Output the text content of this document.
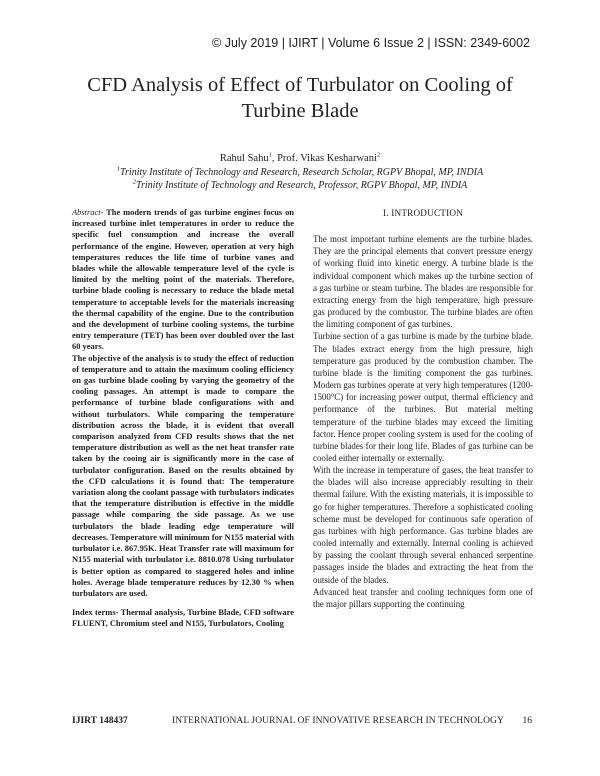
© July 2019 | IJIRT | Volume 6 Issue 2 | ISSN: 2349-6002
CFD Analysis of Effect of Turbulator on Cooling of
Turbine Blade
Rahul Sahu$^1$, Prof. Vikas Kesharwani$^2$
$^1$Trinity Institute of Technology and Research, Research Scholar, RGPV Bhopal, MP, INDIA
$^2$Trinity Institute of Technology and Research, Professor, RGPV Bhopal, MP, INDIA

Abstract- The modern trends of gas turbine engines focus on increased turbine inlet temperatures in order to reduce the specific fuel consumption and increase the overall performance of the engine. However, operation at very high temperatures reduces the life time of turbine vanes and blades while the allowable temperature level of the cycle is limited by the melting point of the materials. Therefore, turbine blade cooling is necessary to reduce the blade metal temperature to acceptable levels for the materials increasing the thermal capability of the engine. Due to the contribution and the development of turbine cooling systems, the turbine entry temperature (TET) has been over doubled over the last 60 years.

The objective of the analysis is to study the effect of reduction of temperature and to attain the maximum cooling efficiency on gas turbine blade cooling by varying the geometry of the cooling passages. An attempt is made to compare the performance of turbine blade configurations with and without turbulators. While comparing the temperature distribution across the blade, it is evident that overall comparison analyzed from CFD results shows that the net temperature distribution as well as the net heat transfer rate taken by the cooing air is significantly more in the case of turbulator configuration. Based on the results obtained by the CFD calculations it is found that: The temperature variation along the coolant passage with turbulators indicates that the temperature distribution is effective in the middle passage while comparing the side passage. As we use turbulators the blade leading edge temperature will decreases. Temperature will minimum for N155 material with turbulator i.e. 867.95K. Heat Transfer rate will maximum for N155 material with turbulator i.e. 8810.078 Using turbulator is better option as compared to staggered holes and inline holes. Average blade temperature reduces by 12.30 % when turbulators are used.

Index terms- Thermal analysis, Turbine Blade, CFD software FLUENT, Chromium steel and N155, Turbulators, Cooling

I. INTRODUCTION

The most important turbine elements are the turbine blades. They are the principal elements that convert pressure energy of working fluid into kinetic energy. A turbine blade is the individual component which makes up the turbine section of a gas turbine or steam turbine. The blades are responsible for extracting energy from the high temperature, high pressure gas produced by the combustor. The turbine blades are often the limiting component of gas turbines.

Turbine section of a gas turbine is made by the turbine blade. The blades extract energy from the high pressure, high temperature gas produced by the combustion chamber. The turbine blade is the limiting component the gas turbines. Modern gas turbines operate at very high temperatures (1200-1500°C) for increasing power output, thermal efficiency and performance of the turbines. But material melting temperature of the turbine blades may exceed the limiting factor. Hence proper cooling system is used for the cooling of turbine blades for their long life. Blades of gas turbine can be cooled either internally or externally.

With the increase in temperature of gases, the heat transfer to the blades will also increase appreciably resulting in their thermal failure. With the existing materials, it is impossible to go for higher temperatures. Therefore a sophisticated cooling scheme must be developed for continuous safe operation of gas turbines with high performance. Gas turbine blades are cooled internally and externally. Internal cooling is achieved by passing the coolant through several enhanced serpentine passages inside the blades and extracting the heat from the outside of the blades.

Advanced heat transfer and cooling techniques form one of the major pillars supporting the continuing

IJIRT 148437	INTERNATIONAL JOURNAL OF INNOVATIVE RESEARCH IN TECHNOLOGY 16
